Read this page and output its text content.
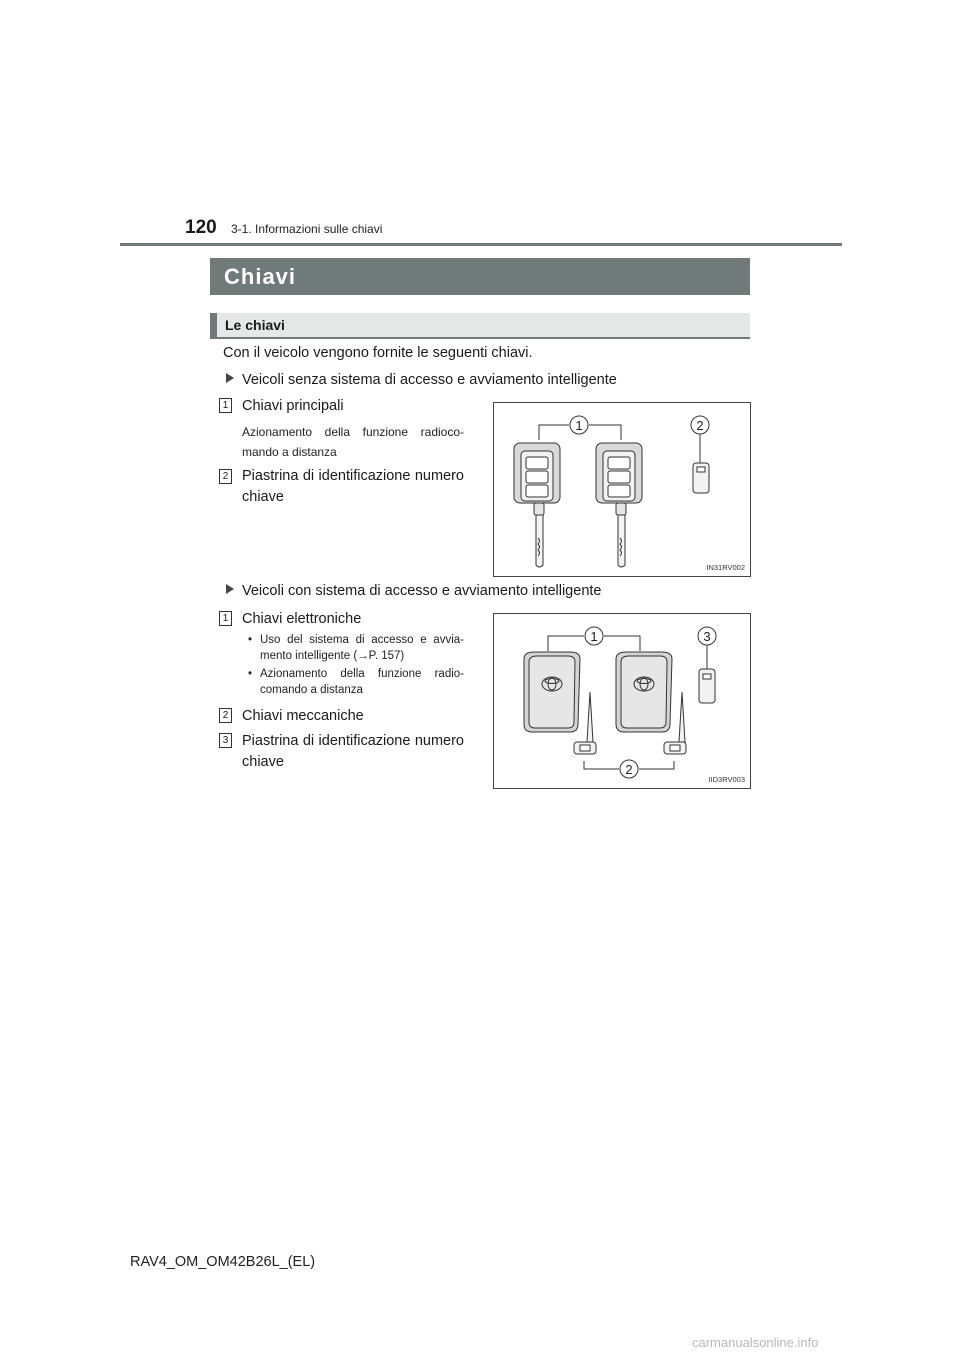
120 3-1. Informazioni sulle chiavi
Chiavi
Le chiavi
Con il veicolo vengono fornite le seguenti chiavi.
Veicoli senza sistema di accesso e avviamento intelligente
1 Chiavi principali
Azionamento della funzione radioco-
mando a distanza
2 Piastrina di identificazione numero
chiave
1	2
IN31RV002
Veicoli con sistema di accesso e avviamento intelligente
1 Chiavi elettroniche
• Uso del sistema di accesso e avvia-
mento intelligente (→P. 157)
• Azionamento della funzione radio-
comando a distanza
2 Chiavi meccaniche
3 Piastrina di identificazione numero
chiave
1	3
2
IID3RV003
RAV4_OM_OM42B26L_(EL)
carmanualsonline.info
